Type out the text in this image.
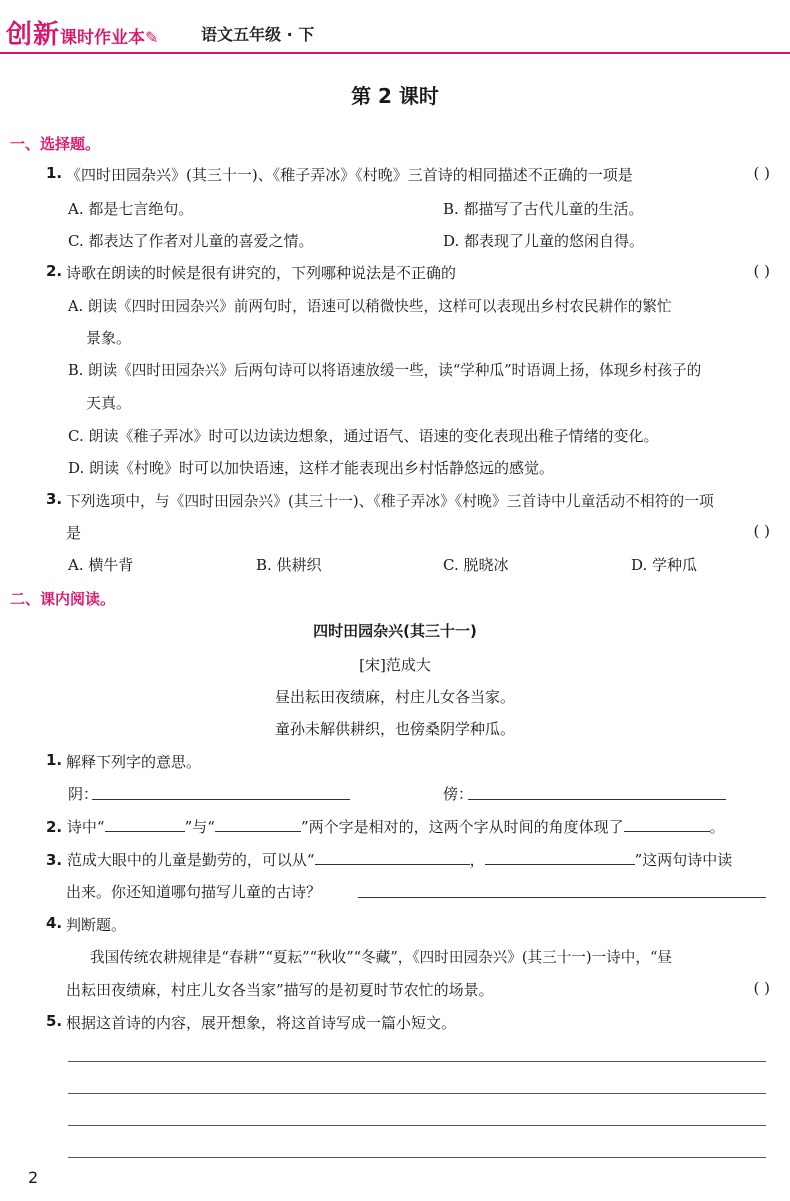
创新课时作业本✎	语文五年级 · 下
第 2 课时
一、选择题。
1. 《四时田园杂兴》(其三十一)、《稚子弄冰》《村晚》三首诗的相同描述不正确的一项是	( )
A. 都是七言绝句。	B. 都描写了古代儿童的生活。
C. 都表达了作者对儿童的喜爱之情。	D. 都表现了儿童的悠闲自得。
2. 诗歌在朗读的时候是很有讲究的，下列哪种说法是不正确的	( )
A. 朗读《四时田园杂兴》前两句时，语速可以稍微快些，这样可以表现出乡村农民耕作的繁忙
景象。
B. 朗读《四时田园杂兴》后两句诗可以将语速放缓一些，读“学种瓜”时语调上扬，体现乡村孩子的
天真。
C. 朗读《稚子弄冰》时可以边读边想象，通过语气、语速的变化表现出稚子情绪的变化。
D. 朗读《村晚》时可以加快语速，这样才能表现出乡村恬静悠远的感觉。
3. 下列选项中，与《四时田园杂兴》(其三十一)、《稚子弄冰》《村晚》三首诗中儿童活动不相符的一项
是	( )
A. 横牛背	B. 供耕织	C. 脱晓冰	D. 学种瓜
二、课内阅读。
四时田园杂兴(其三十一)
[宋]范成大
昼出耘田夜绩麻，村庄儿女各当家。
童孙未解供耕织，也傍桑阴学种瓜。
1. 解释下列字的意思。
阴：	傍：
2. 诗中“	”与“	”两个字是相对的，这两个字从时间的角度体现了	。
3. 范成大眼中的儿童是勤劳的，可以从“	，	”这两句诗中读
出来。你还知道哪句描写儿童的古诗？
4. 判断题。
我国传统农耕规律是“春耕”“夏耘”“秋收”“冬藏”，《四时田园杂兴》(其三十一)一诗中，“昼
出耘田夜绩麻，村庄儿女各当家”描写的是初夏时节农忙的场景。	( )
5. 根据这首诗的内容，展开想象，将这首诗写成一篇小短文。
2
